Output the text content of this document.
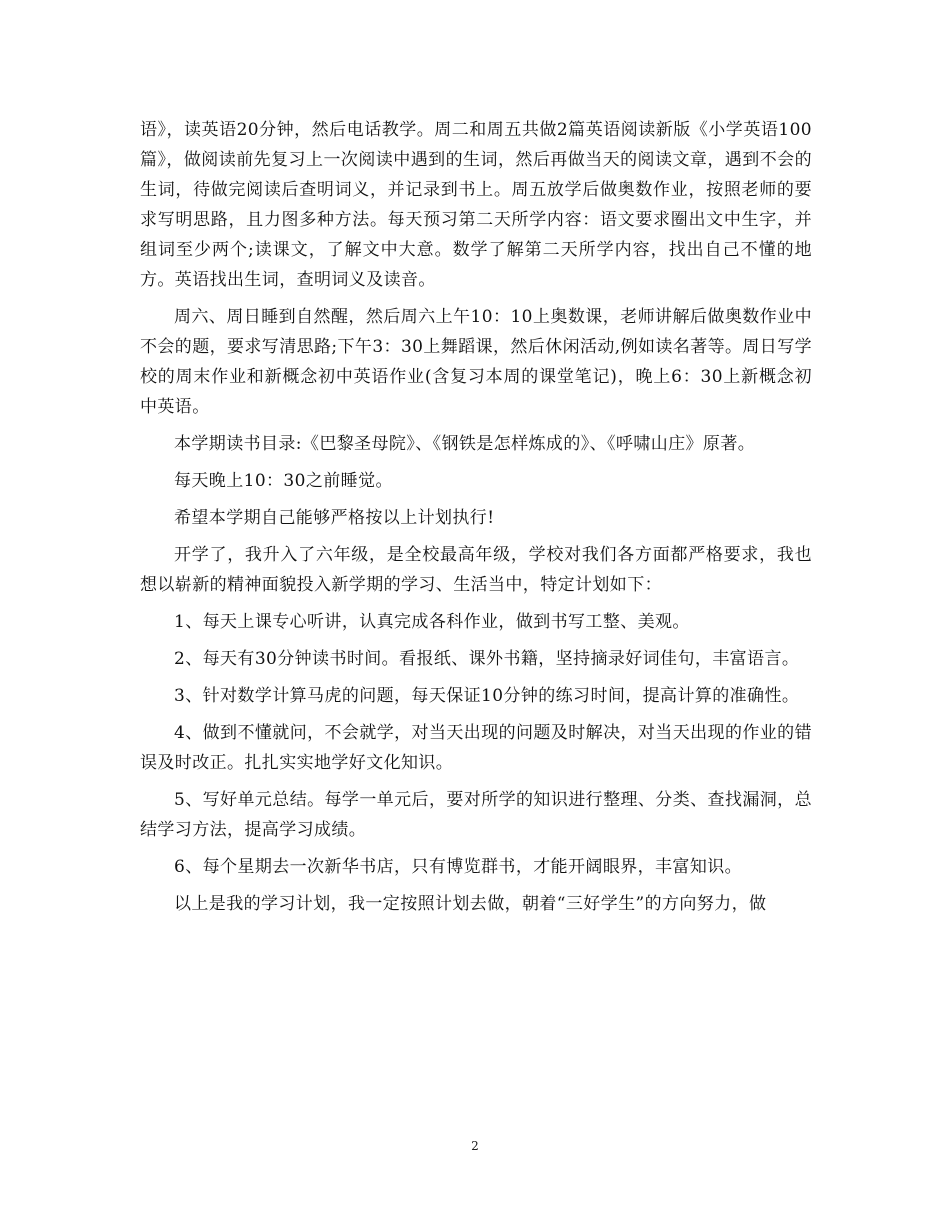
语》，读英语20分钟，然后电话教学。周二和周五共做2篇英语阅读新版《小学英语100篇》，做阅读前先复习上一次阅读中遇到的生词，然后再做当天的阅读文章，遇到不会的生词，待做完阅读后查明词义，并记录到书上。周五放学后做奥数作业，按照老师的要求写明思路，且力图多种方法。每天预习第二天所学内容：语文要求圈出文中生字，并组词至少两个;读课文，了解文中大意。数学了解第二天所学内容，找出自己不懂的地方。英语找出生词，查明词义及读音。

周六、周日睡到自然醒，然后周六上午10：10上奥数课，老师讲解后做奥数作业中不会的题，要求写清思路;下午3：30上舞蹈课，然后休闲活动,例如读名著等。周日写学校的周末作业和新概念初中英语作业(含复习本周的课堂笔记)，晚上6：30上新概念初中英语。

本学期读书目录:《巴黎圣母院》、《钢铁是怎样炼成的》、《呼啸山庄》原著。

每天晚上10：30之前睡觉。

希望本学期自己能够严格按以上计划执行!

开学了，我升入了六年级，是全校最高年级，学校对我们各方面都严格要求，我也想以崭新的精神面貌投入新学期的学习、生活当中，特定计划如下：

1、每天上课专心听讲，认真完成各科作业，做到书写工整、美观。

2、每天有30分钟读书时间。看报纸、课外书籍，坚持摘录好词佳句，丰富语言。

3、针对数学计算马虎的问题，每天保证10分钟的练习时间，提高计算的准确性。

4、做到不懂就问，不会就学，对当天出现的问题及时解决，对当天出现的作业的错误及时改正。扎扎实实地学好文化知识。

5、写好单元总结。每学一单元后，要对所学的知识进行整理、分类、查找漏洞，总结学习方法，提高学习成绩。

6、每个星期去一次新华书店，只有博览群书，才能开阔眼界，丰富知识。

以上是我的学习计划，我一定按照计划去做，朝着“三好学生”的方向努力，做

2
